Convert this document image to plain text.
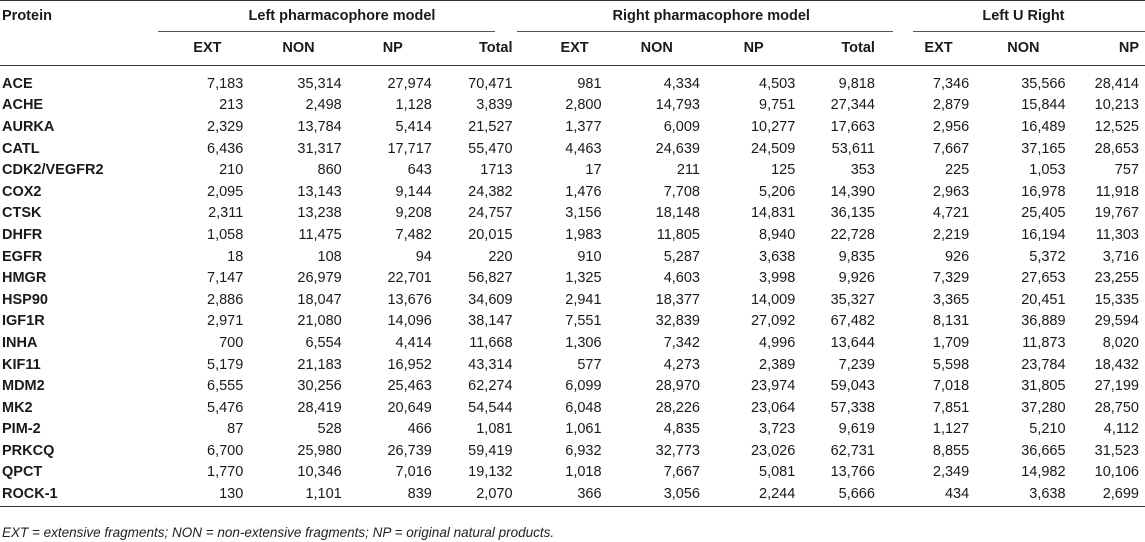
Protein	Left pharmacophore model					Right pharmacophore model					Left U Right		
	EXT	NON	NP	Total		EXT	NON	NP	Total		EXT	NON	NP

ACE	7,183	35,314	27,974	70,471		981	4,334	4,503	9,818		7,346	35,566	28,414
ACHE	213	2,498	1,128	3,839		2,800	14,793	9,751	27,344		2,879	15,844	10,213
AURKA	2,329	13,784	5,414	21,527		1,377	6,009	10,277	17,663		2,956	16,489	12,525
CATL	6,436	31,317	17,717	55,470		4,463	24,639	24,509	53,611		7,667	37,165	28,653
CDK2/VEGFR2	210	860	643	1713		17	211	125	353		225	1,053	757
COX2	2,095	13,143	9,144	24,382		1,476	7,708	5,206	14,390		2,963	16,978	11,918
CTSK	2,311	13,238	9,208	24,757		3,156	18,148	14,831	36,135		4,721	25,405	19,767
DHFR	1,058	11,475	7,482	20,015		1,983	11,805	8,940	22,728		2,219	16,194	11,303
EGFR	18	108	94	220		910	5,287	3,638	9,835		926	5,372	3,716
HMGR	7,147	26,979	22,701	56,827		1,325	4,603	3,998	9,926		7,329	27,653	23,255
HSP90	2,886	18,047	13,676	34,609		2,941	18,377	14,009	35,327		3,365	20,451	15,335
IGF1R	2,971	21,080	14,096	38,147		7,551	32,839	27,092	67,482		8,131	36,889	29,594
INHA	700	6,554	4,414	11,668		1,306	7,342	4,996	13,644		1,709	11,873	8,020
KIF11	5,179	21,183	16,952	43,314		577	4,273	2,389	7,239		5,598	23,784	18,432
MDM2	6,555	30,256	25,463	62,274		6,099	28,970	23,974	59,043		7,018	31,805	27,199
MK2	5,476	28,419	20,649	54,544		6,048	28,226	23,064	57,338		7,851	37,280	28,750
PIM-2	87	528	466	1,081		1,061	4,835	3,723	9,619		1,127	5,210	4,112
PRKCQ	6,700	25,980	26,739	59,419		6,932	32,773	23,026	62,731		8,855	36,665	31,523
QPCT	1,770	10,346	7,016	19,132		1,018	7,667	5,081	13,766		2,349	14,982	10,106
ROCK-1	130	1,101	839	2,070		366	3,056	2,244	5,666		434	3,638	2,699
EXT = extensive fragments; NON = non-extensive fragments; NP = original natural products.
